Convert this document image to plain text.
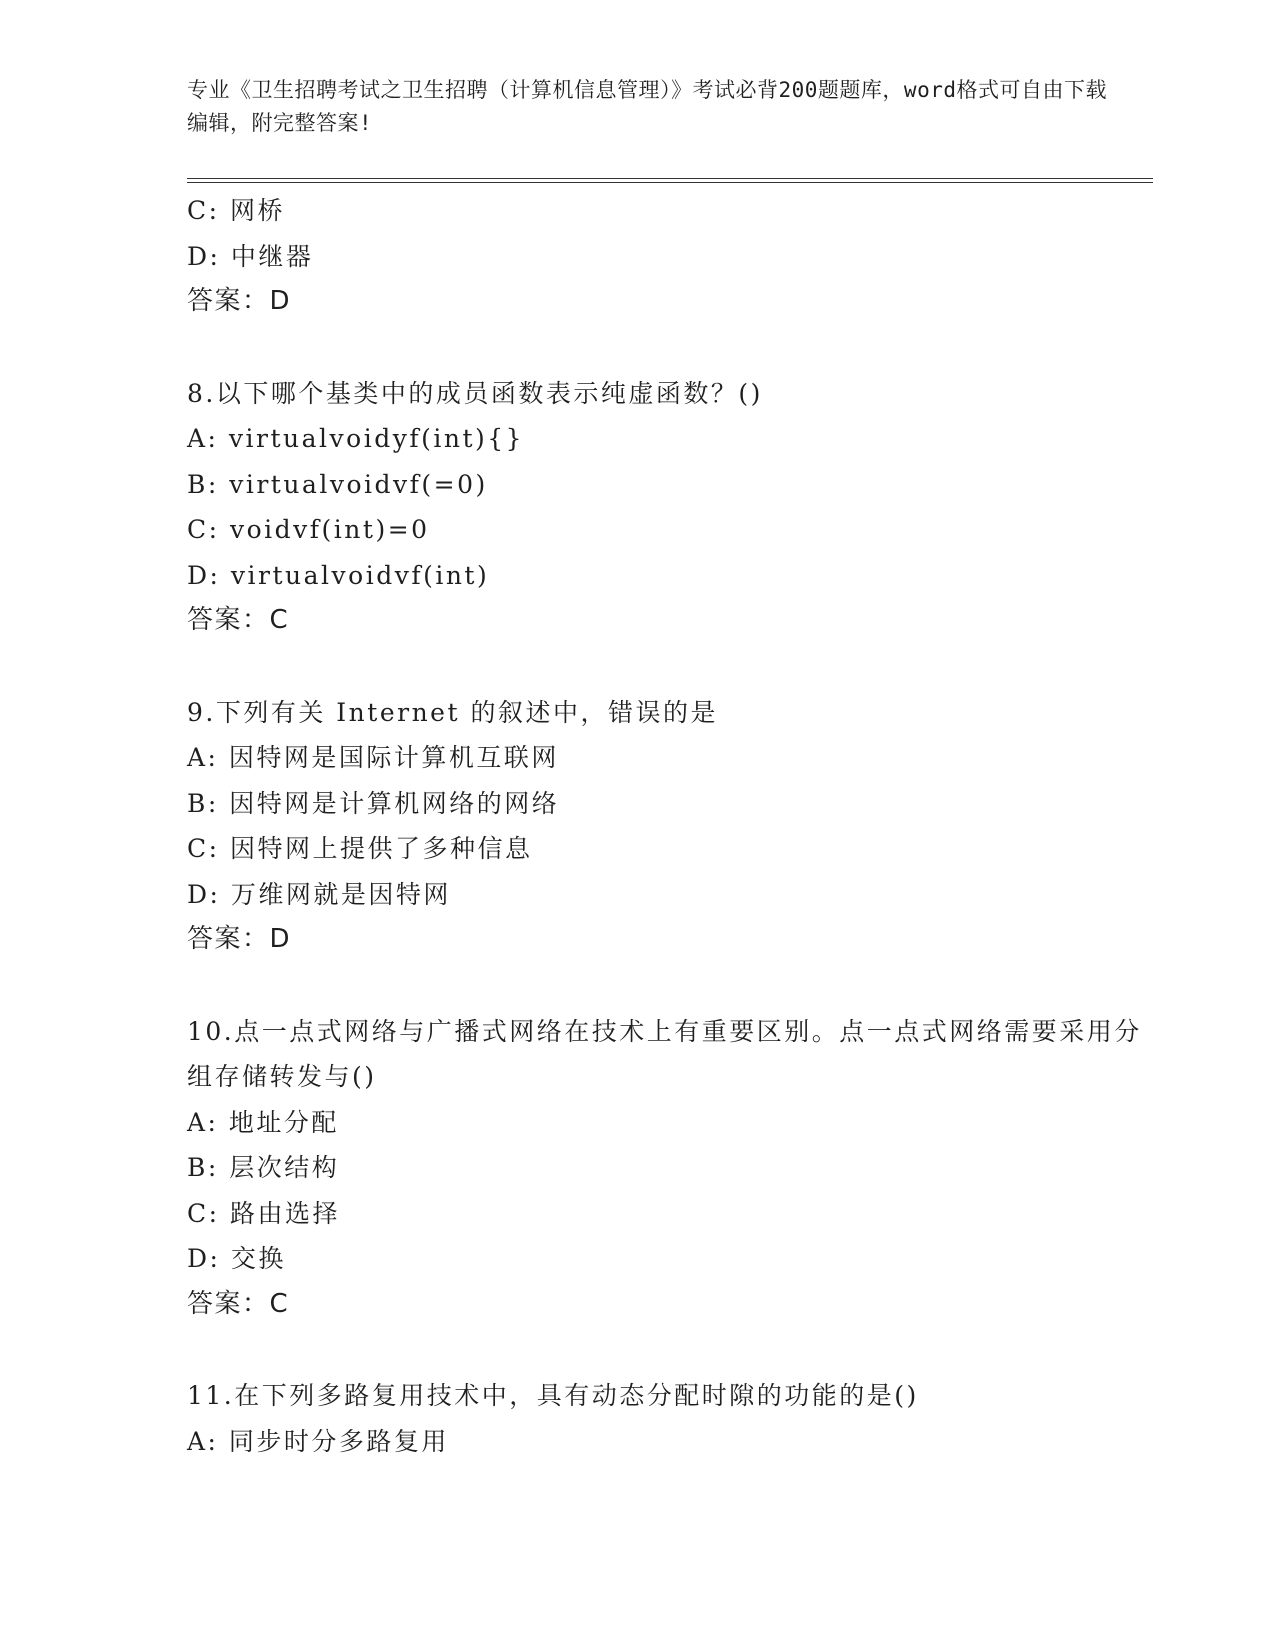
专业《卫生招聘考试之卫生招聘（计算机信息管理）》考试必背200题题库，word格式可自由下载编辑，附完整答案!
C: 网桥
D: 中继器
答案：D
8.以下哪个基类中的成员函数表示纯虚函数？()
A: virtualvoidyf(int){}
B: virtualvoidvf(=0)
C: voidvf(int)=0
D: virtualvoidvf(int)
答案：C
9.下列有关 Internet 的叙述中，错误的是
A: 因特网是国际计算机互联网
B: 因特网是计算机网络的网络
C: 因特网上提供了多种信息
D: 万维网就是因特网
答案：D
10.点一点式网络与广播式网络在技术上有重要区别。点一点式网络需要采用分组存储转发与()
A: 地址分配
B: 层次结构
C: 路由选择
D: 交换
答案：C
11.在下列多路复用技术中，具有动态分配时隙的功能的是()
A: 同步时分多路复用
